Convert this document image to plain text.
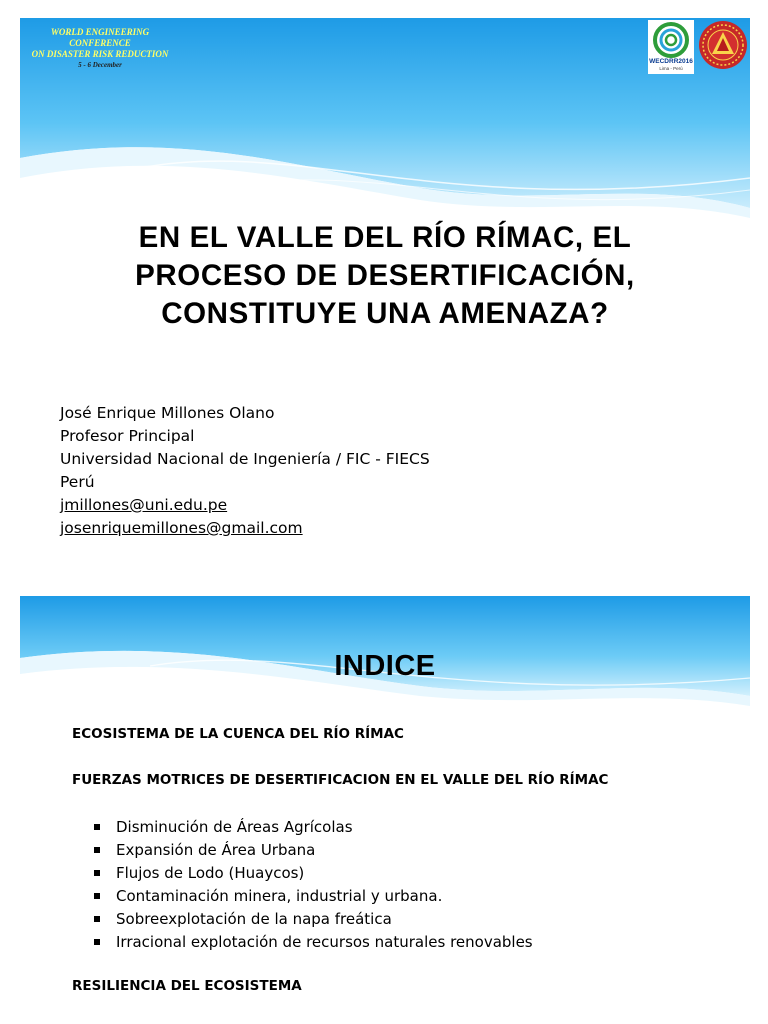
WORLD ENGINEERING CONFERENCE
ON DISASTER RISK REDUCTION
5 - 6 December	WECDRR2016
Lima - Perú
EN EL VALLE DEL RÍO RÍMAC, EL
PROCESO DE DESERTIFICACIÓN,
CONSTITUYE UNA AMENAZA?
José Enrique Millones Olano
Profesor Principal
Universidad Nacional de Ingeniería / FIC - FIECS
Perú
jmillones@uni.edu.pe
josenriquemillones@gmail.com
INDICE
ECOSISTEMA DE LA CUENCA DEL RÍO RÍMAC
FUERZAS MOTRICES DE DESERTIFICACION EN EL VALLE DEL RÍO RÍMAC
Disminución de Áreas Agrícolas
Expansión de Área Urbana
Flujos de Lodo (Huaycos)
Contaminación minera, industrial y urbana.
Sobreexplotación de la napa freática
Irracional explotación de recursos naturales renovables
RESILIENCIA DEL ECOSISTEMA
